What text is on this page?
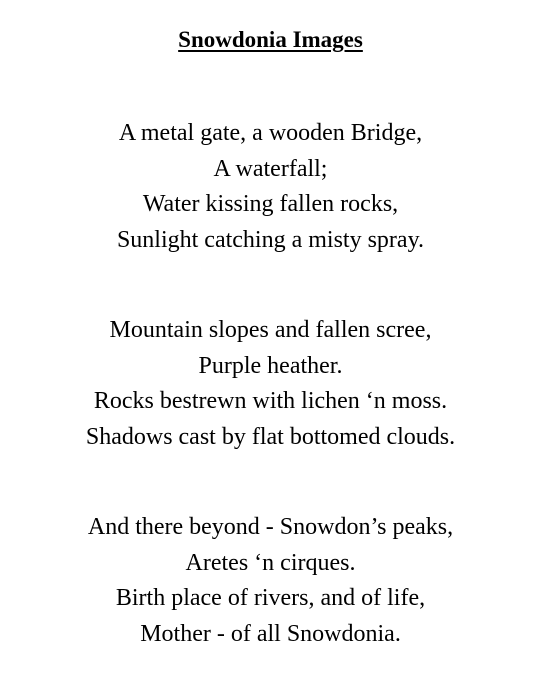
Snowdonia Images
A metal gate, a wooden Bridge,
A waterfall;
Water kissing fallen rocks,
Sunlight catching a misty spray.
Mountain slopes and fallen scree,
Purple heather.
Rocks bestrewn with lichen ‘n moss.
Shadows cast by flat bottomed clouds.
And there beyond - Snowdon’s peaks,
Aretes ‘n cirques.
Birth place of rivers, and of life,
Mother - of all Snowdonia.
